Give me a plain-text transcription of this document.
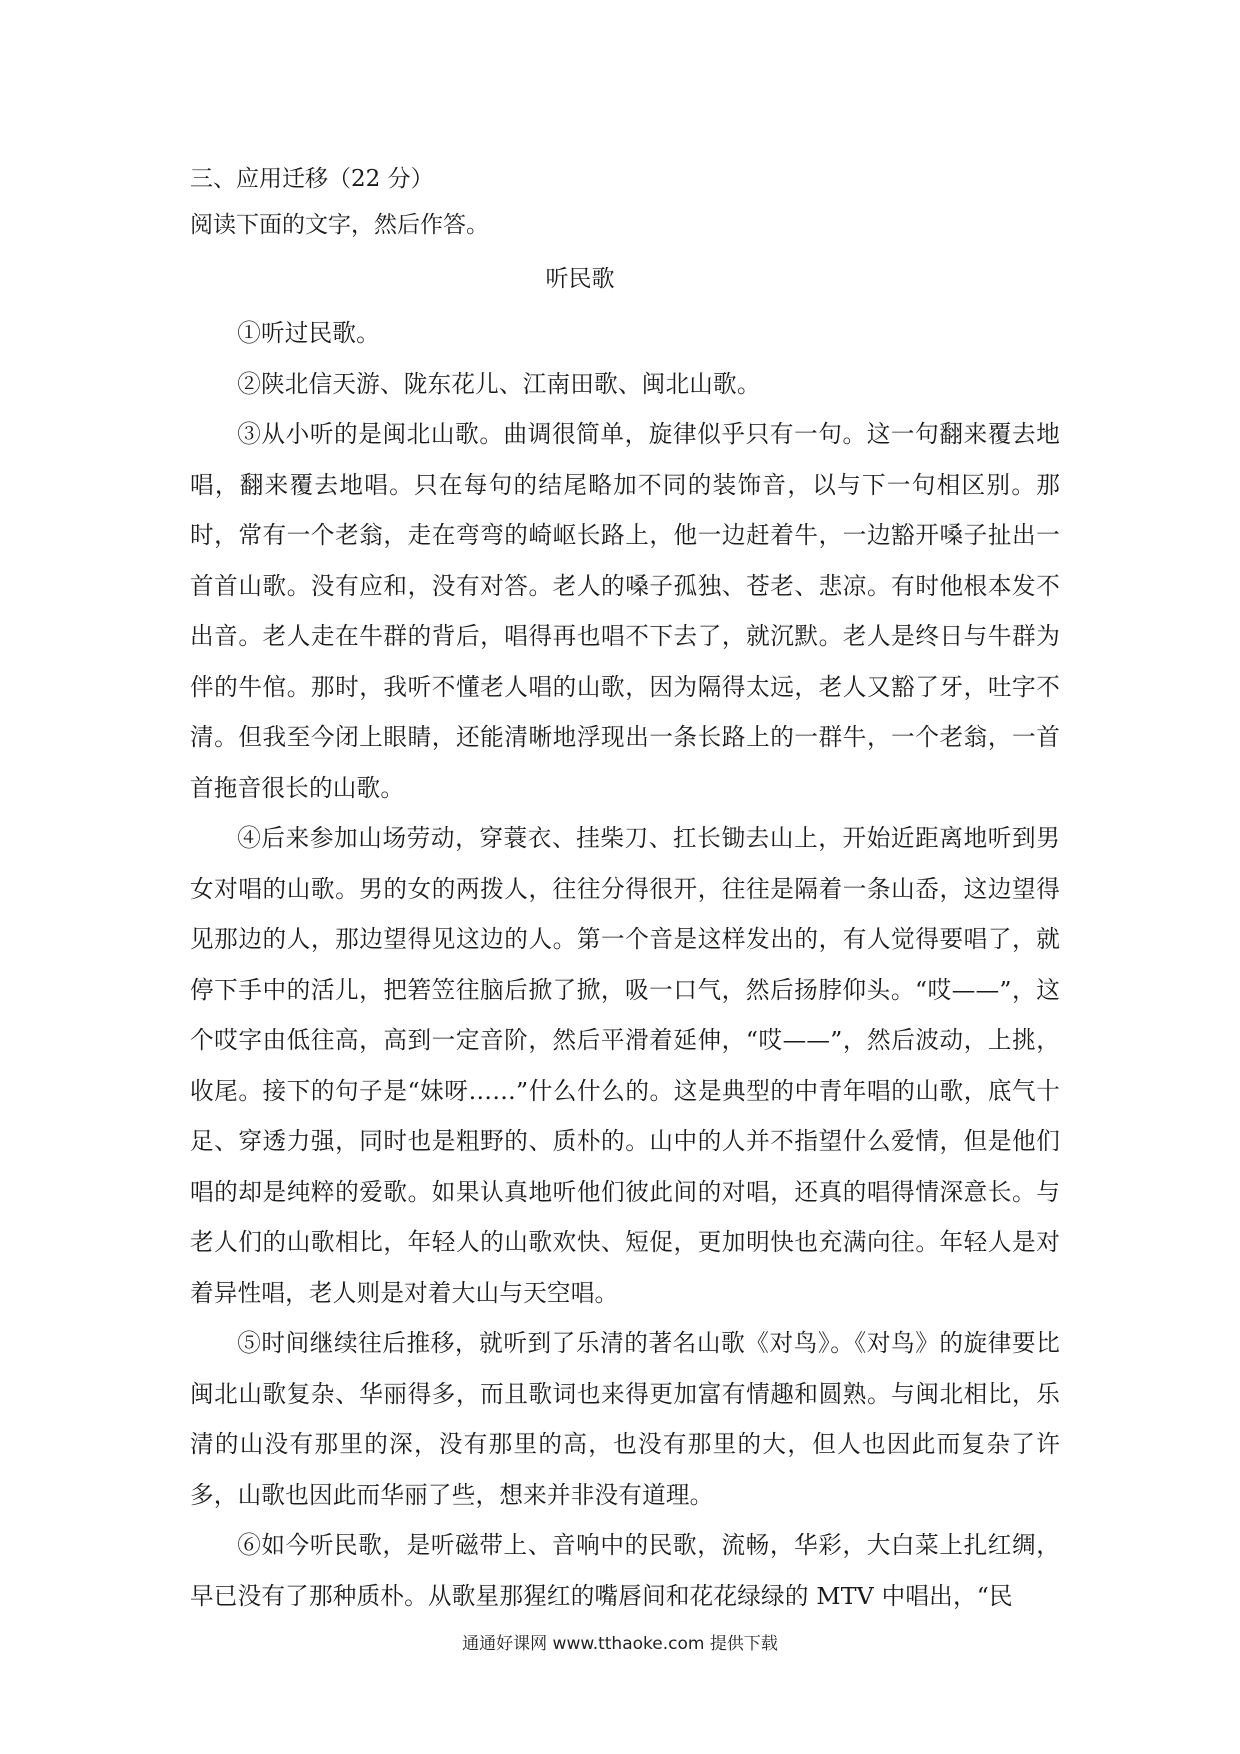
三、应用迁移（22 分）
阅读下面的文字，然后作答。
听民歌

①听过民歌。

②陕北信天游、陇东花儿、江南田歌、闽北山歌。

③从小听的是闽北山歌。曲调很简单，旋律似乎只有一句。这一句翻来覆去地唱，翻来覆去地唱。只在每句的结尾略加不同的装饰音，以与下一句相区别。那时，常有一个老翁，走在弯弯的崎岖长路上，他一边赶着牛，一边豁开嗓子扯出一首首山歌。没有应和，没有对答。老人的嗓子孤独、苍老、悲凉。有时他根本发不出音。老人走在牛群的背后，唱得再也唱不下去了，就沉默。老人是终日与牛群为伴的牛倌。那时，我听不懂老人唱的山歌，因为隔得太远，老人又豁了牙，吐字不清。但我至今闭上眼睛，还能清晰地浮现出一条长路上的一群牛，一个老翁，一首首拖音很长的山歌。

④后来参加山场劳动，穿蓑衣、挂柴刀、扛长锄去山上，开始近距离地听到男女对唱的山歌。男的女的两拨人，往往分得很开，往往是隔着一条山岙，这边望得见那边的人，那边望得见这边的人。第一个音是这样发出的，有人觉得要唱了，就停下手中的活儿，把箬笠往脑后掀了掀，吸一口气，然后扬脖仰头。“哎——”，这个哎字由低往高，高到一定音阶，然后平滑着延伸，“哎——”，然后波动，上挑，收尾。接下的句子是“妹呀……”什么什么的。这是典型的中青年唱的山歌，底气十足、穿透力强，同时也是粗野的、质朴的。山中的人并不指望什么爱情，但是他们唱的却是纯粹的爱歌。如果认真地听他们彼此间的对唱，还真的唱得情深意长。与老人们的山歌相比，年轻人的山歌欢快、短促，更加明快也充满向往。年轻人是对着异性唱，老人则是对着大山与天空唱。

⑤时间继续往后推移，就听到了乐清的著名山歌《对鸟》。《对鸟》的旋律要比闽北山歌复杂、华丽得多，而且歌词也来得更加富有情趣和圆熟。与闽北相比，乐清的山没有那里的深，没有那里的高，也没有那里的大，但人也因此而复杂了许多，山歌也因此而华丽了些，想来并非没有道理。

⑥如今听民歌，是听磁带上、音响中的民歌，流畅，华彩，大白菜上扎红绸，早已没有了那种质朴。从歌星那猩红的嘴唇间和花花绿绿的 MTV 中唱出，“民

通通好课网 www.tthaoke.com 提供下载
